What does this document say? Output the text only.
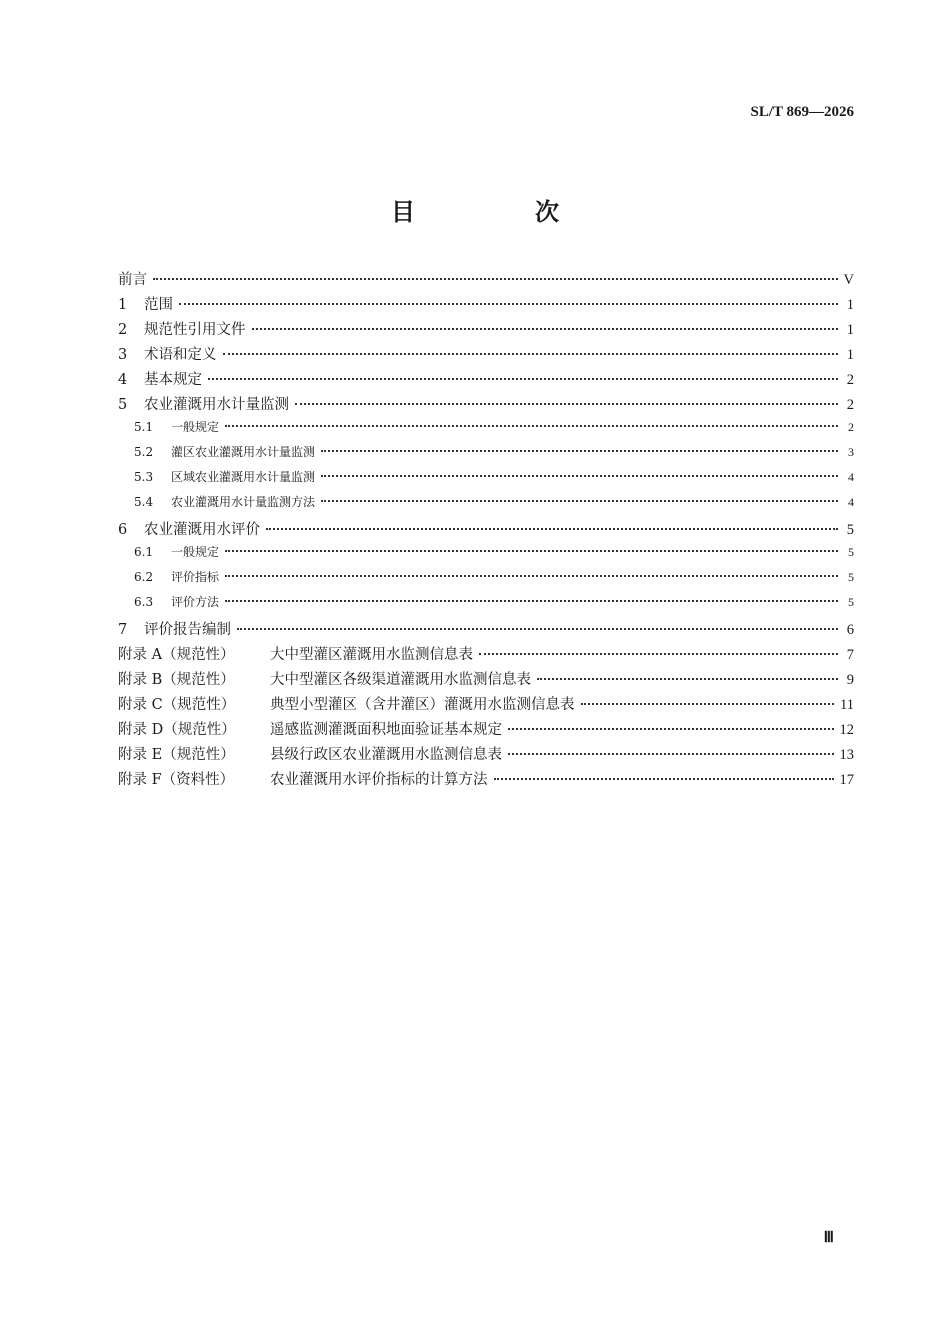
SL/T 869—2026
目　次
前言	V
1	范围	1
2	规范性引用文件	1
3	术语和定义	1
4	基本规定	2
5	农业灌溉用水计量监测	2
5.1	一般规定	2
5.2	灌区农业灌溉用水计量监测	3
5.3	区域农业灌溉用水计量监测	4
5.4	农业灌溉用水计量监测方法	4
6	农业灌溉用水评价	5
6.1	一般规定	5
6.2	评价指标	5
6.3	评价方法	5
7	评价报告编制	6
附录 A（规范性）	大中型灌区灌溉用水监测信息表	7
附录 B（规范性）	大中型灌区各级渠道灌溉用水监测信息表	9
附录 C（规范性）	典型小型灌区（含井灌区）灌溉用水监测信息表	11
附录 D（规范性）	遥感监测灌溉面积地面验证基本规定	12
附录 E（规范性）	县级行政区农业灌溉用水监测信息表	13
附录 F（资料性）	农业灌溉用水评价指标的计算方法	17
Ⅲ
